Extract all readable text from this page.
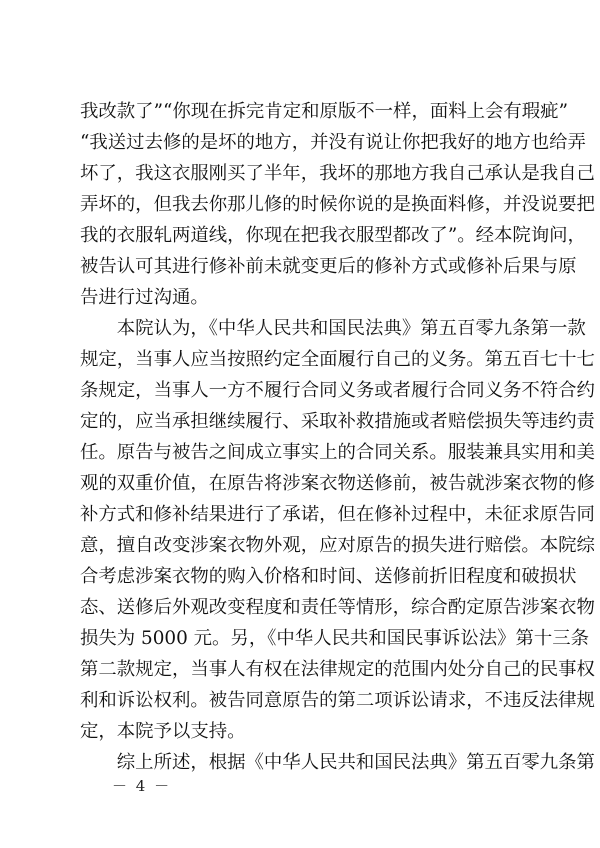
我改款了”“你现在拆完肯定和原版不一样，面料上会有瑕疵”
“我送过去修的是坏的地方，并没有说让你把我好的地方也给弄
坏了，我这衣服刚买了半年，我坏的那地方我自己承认是我自己
弄坏的，但我去你那儿修的时候你说的是换面料修，并没说要把
我的衣服轧两道线，你现在把我衣服型都改了”。经本院询问，
被告认可其进行修补前未就变更后的修补方式或修补后果与原
告进行过沟通。
　　本院认为，《中华人民共和国民法典》第五百零九条第一款
规定，当事人应当按照约定全面履行自己的义务。第五百七十七
条规定，当事人一方不履行合同义务或者履行合同义务不符合约
定的，应当承担继续履行、采取补救措施或者赔偿损失等违约责
任。原告与被告之间成立事实上的合同关系。服装兼具实用和美
观的双重价值，在原告将涉案衣物送修前，被告就涉案衣物的修
补方式和修补结果进行了承诺，但在修补过程中，未征求原告同
意，擅自改变涉案衣物外观，应对原告的损失进行赔偿。本院综
合考虑涉案衣物的购入价格和时间、送修前折旧程度和破损状
态、送修后外观改变程度和责任等情形，综合酌定原告涉案衣物
损失为 5000 元。另，《中华人民共和国民事诉讼法》第十三条
第二款规定，当事人有权在法律规定的范围内处分自己的民事权
利和诉讼权利。被告同意原告的第二项诉讼请求，不违反法律规
定，本院予以支持。
　　综上所述，根据《中华人民共和国民法典》第五百零九条第
－ 4 －
